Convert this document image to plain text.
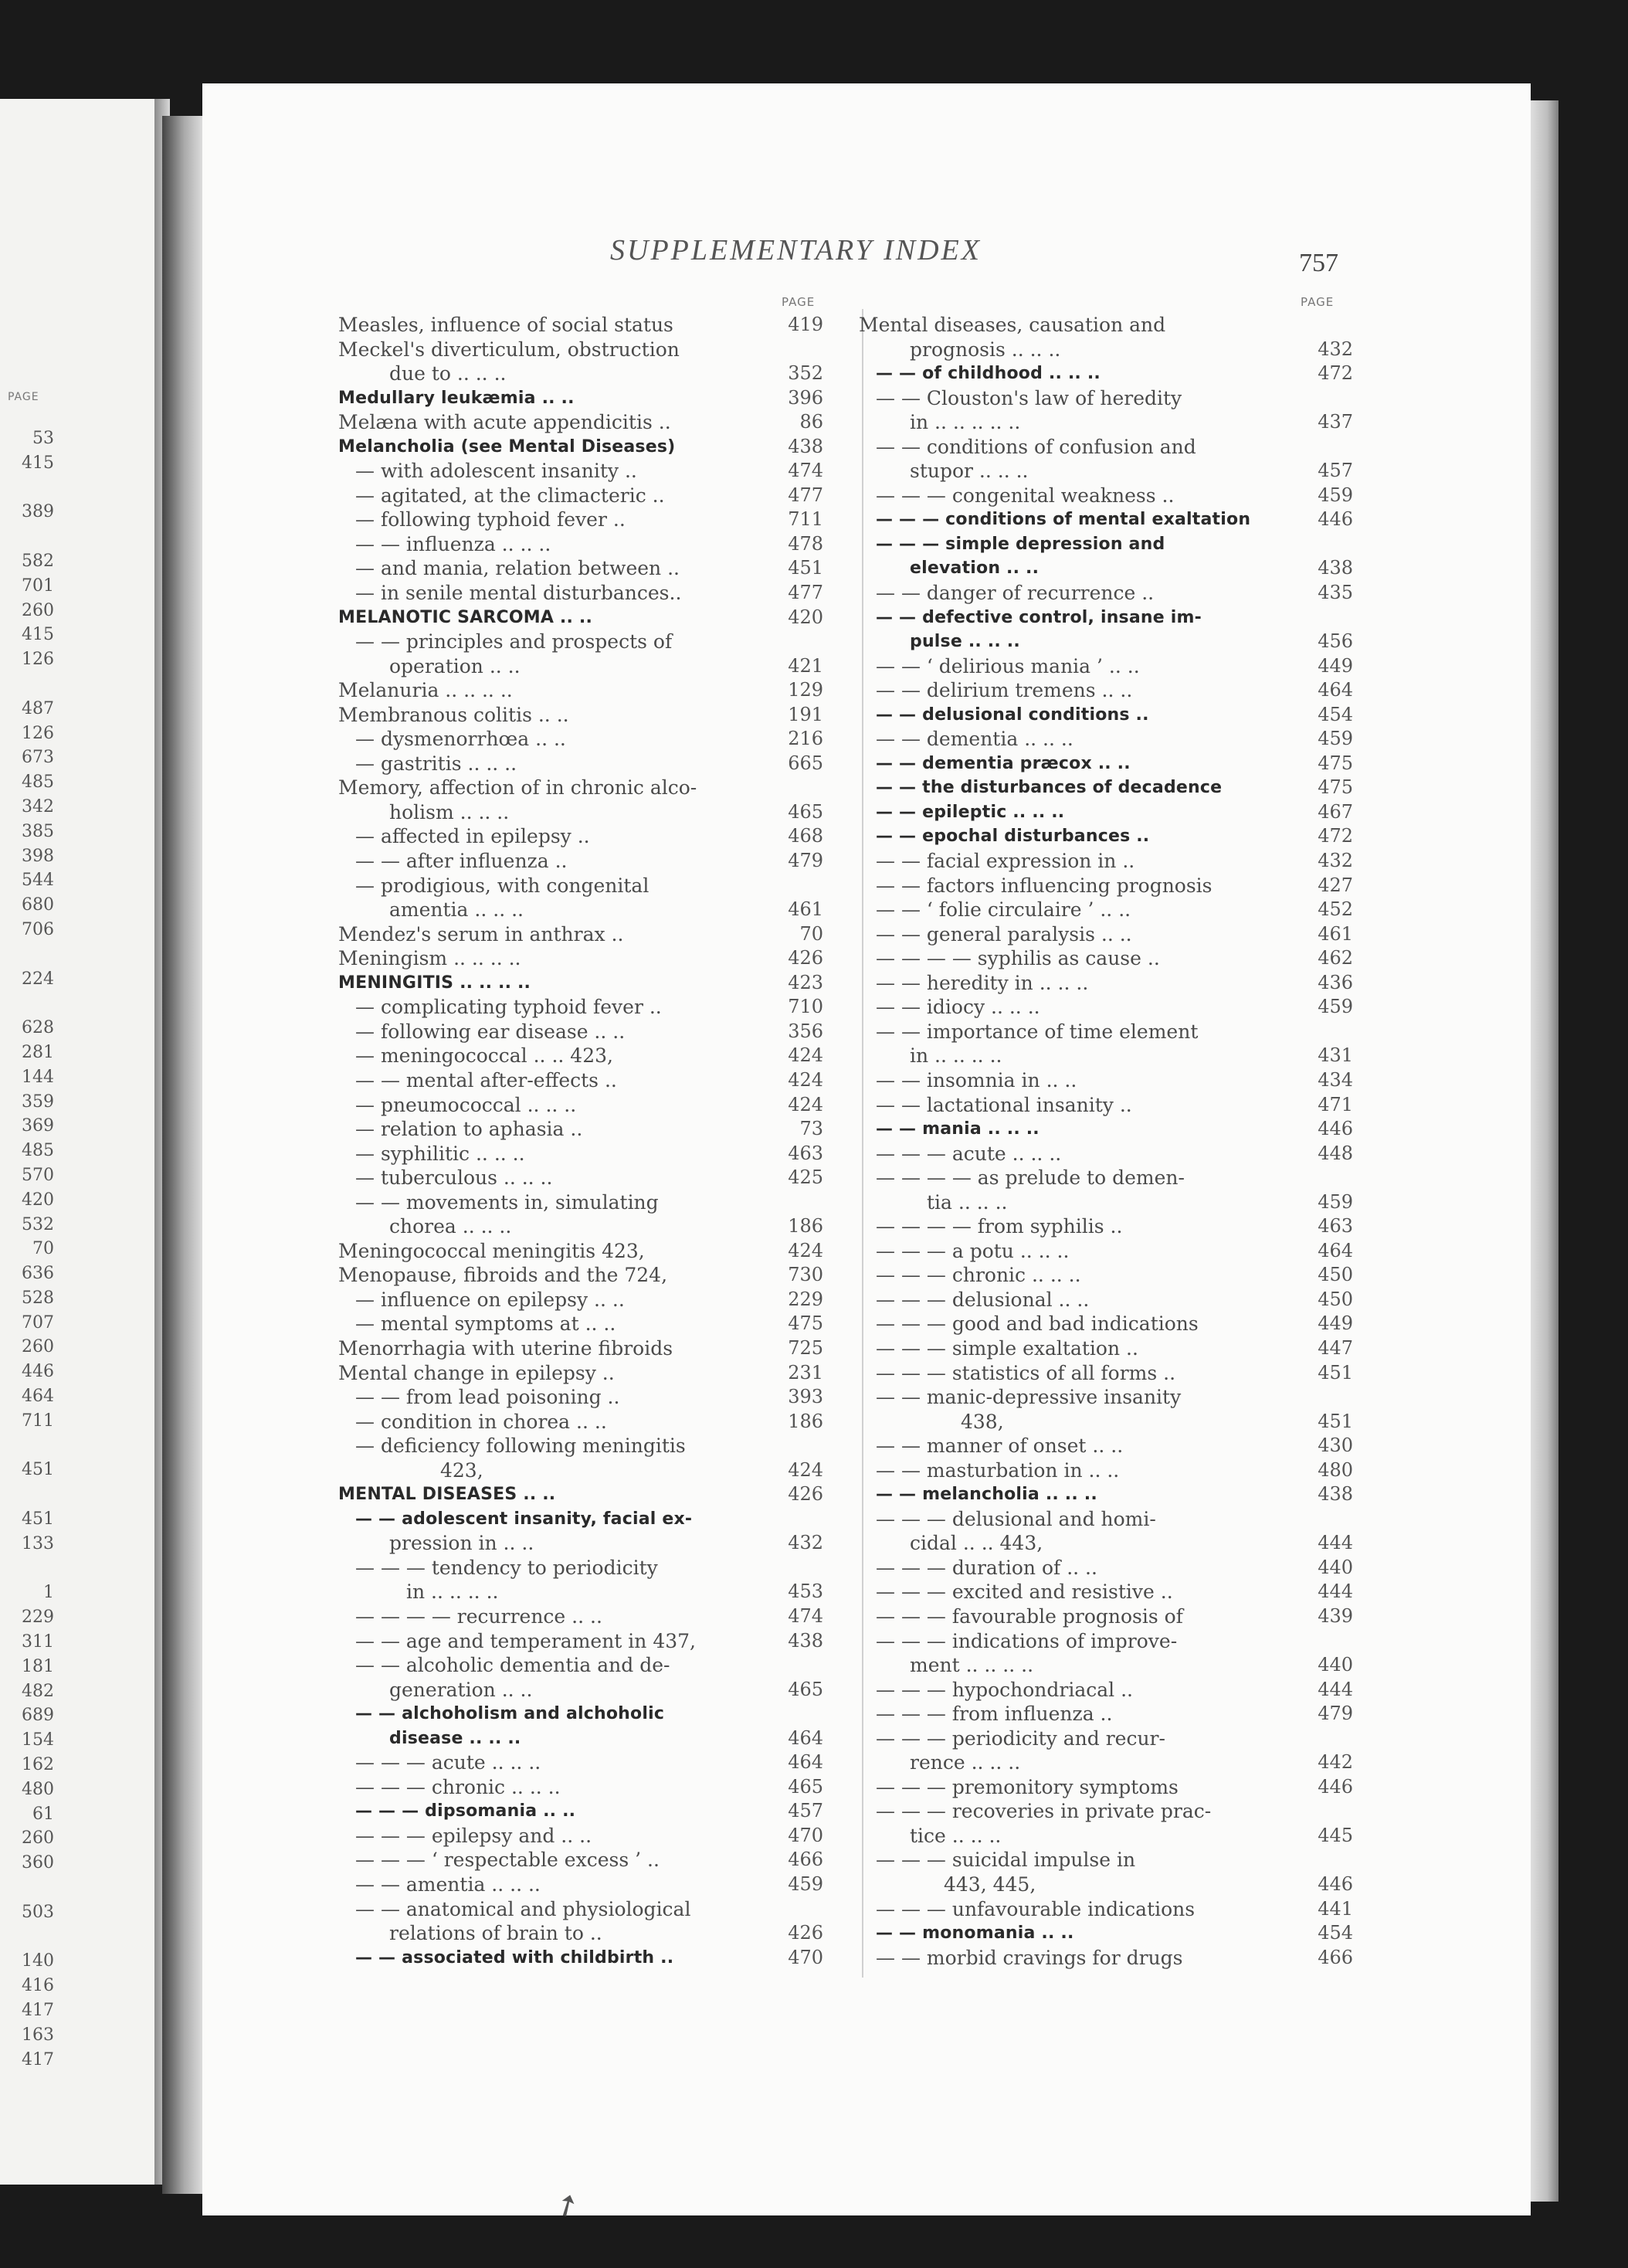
PAGE
53
415

389

582
701
260
415
126

487
126
673
485
342
385
398
544
680
706

224

628
281
144
359
369
485
570
420
532
70
636
528
707
260
446
464
711

451

451
133

1
229
311
181
482
689
154
162
480
61
260
360

503

140
416
417
163
417
SUPPLEMENTARY INDEX	757
PAGE
Measles, influence of social status	419
Meckel's diverticulum, obstruction
due to .. .. ..	352
Medullary leukæmia .. ..	396
Melæna with acute appendicitis ..	86
Melancholia (see Mental Diseases)	438
— with adolescent insanity ..	474
— agitated, at the climacteric ..	477
— following typhoid fever ..	711
— — influenza .. .. ..	478
— and mania, relation between ..	451
— in senile mental disturbances..	477
MELANOTIC SARCOMA .. ..	420
— — principles and prospects of
operation .. ..	421
Melanuria .. .. .. ..	129
Membranous colitis .. ..	191
— dysmenorrhœa .. ..	216
— gastritis .. .. ..	665
Memory, affection of in chronic alco-
holism .. .. ..	465
— affected in epilepsy ..	468
— — after influenza ..	479
— prodigious, with congenital
amentia .. .. ..	461
Mendez's serum in anthrax ..	70
Meningism .. .. .. ..	426
MENINGITIS .. .. .. ..	423
— complicating typhoid fever ..	710
— following ear disease .. ..	356
— meningococcal .. .. 423,	424
— — mental after-effects ..	424
— pneumococcal .. .. ..	424
— relation to aphasia ..	73
— syphilitic .. .. ..	463
— tuberculous .. .. ..	425
— — movements in, simulating
chorea .. .. ..	186
Meningococcal meningitis 423,	424
Menopause, fibroids and the 724,	730
— influence on epilepsy .. ..	229
— mental symptoms at .. ..	475
Menorrhagia with uterine fibroids	725
Mental change in epilepsy ..	231
— — from lead poisoning ..	393
— condition in chorea .. ..	186
— deficiency following meningitis
423,	424
MENTAL DISEASES .. ..	426
— — adolescent insanity, facial ex-
pression in .. ..	432
— — — tendency to periodicity
in .. .. .. ..	453
— — — — recurrence .. ..	474
— — age and temperament in 437,	438
— — alcoholic dementia and de-
generation .. ..	465
— — alchoholism and alchoholic
disease .. .. ..	464
— — — acute .. .. ..	464
— — — chronic .. .. ..	465
— — — dipsomania .. ..	457
— — — epilepsy and .. ..	470
— — — ‘ respectable excess ’ ..	466
— — amentia .. .. ..	459
— — anatomical and physiological
relations of brain to ..	426
— — associated with childbirth ..	470
PAGE
Mental diseases, causation and
prognosis .. .. ..	432
— — of childhood .. .. ..	472
— — Clouston's law of heredity
in .. .. .. .. ..	437
— — conditions of confusion and
stupor .. .. ..	457
— — — congenital weakness ..	459
— — — conditions of mental exaltation	446
— — — simple depression and
elevation .. ..	438
— — danger of recurrence ..	435
— — defective control, insane im-
pulse .. .. ..	456
— — ‘ delirious mania ’ .. ..	449
— — delirium tremens .. ..	464
— — delusional conditions ..	454
— — dementia .. .. ..	459
— — dementia præcox .. ..	475
— — the disturbances of decadence	475
— — epileptic .. .. ..	467
— — epochal disturbances ..	472
— — facial expression in ..	432
— — factors influencing prognosis	427
— — ‘ folie circulaire ’ .. ..	452
— — general paralysis .. ..	461
— — — — syphilis as cause ..	462
— — heredity in .. .. ..	436
— — idiocy .. .. ..	459
— — importance of time element
in .. .. .. ..	431
— — insomnia in .. ..	434
— — lactational insanity ..	471
— — mania .. .. ..	446
— — — acute .. .. ..	448
— — — — as prelude to demen-
tia .. .. ..	459
— — — — from syphilis ..	463
— — — a potu .. .. ..	464
— — — chronic .. .. ..	450
— — — delusional .. ..	450
— — — good and bad indications	449
— — — simple exaltation ..	447
— — — statistics of all forms ..	451
— — manic-depressive insanity
438,	451
— — manner of onset .. ..	430
— — masturbation in .. ..	480
— — melancholia .. .. ..	438
— — — delusional and homi-
cidal .. .. 443,	444
— — — duration of .. ..	440
— — — excited and resistive ..	444
— — — favourable prognosis of	439
— — — indications of improve-
ment .. .. .. ..	440
— — — hypochondriacal ..	444
— — — from influenza ..	479
— — — periodicity and recur-
rence .. .. ..	442
— — — premonitory symptoms	446
— — — recoveries in private prac-
tice .. .. ..	445
— — — suicidal impulse in
443, 445,	446
— — — unfavourable indications	441
— — monomania .. ..	454
— — morbid cravings for drugs	466
➚
